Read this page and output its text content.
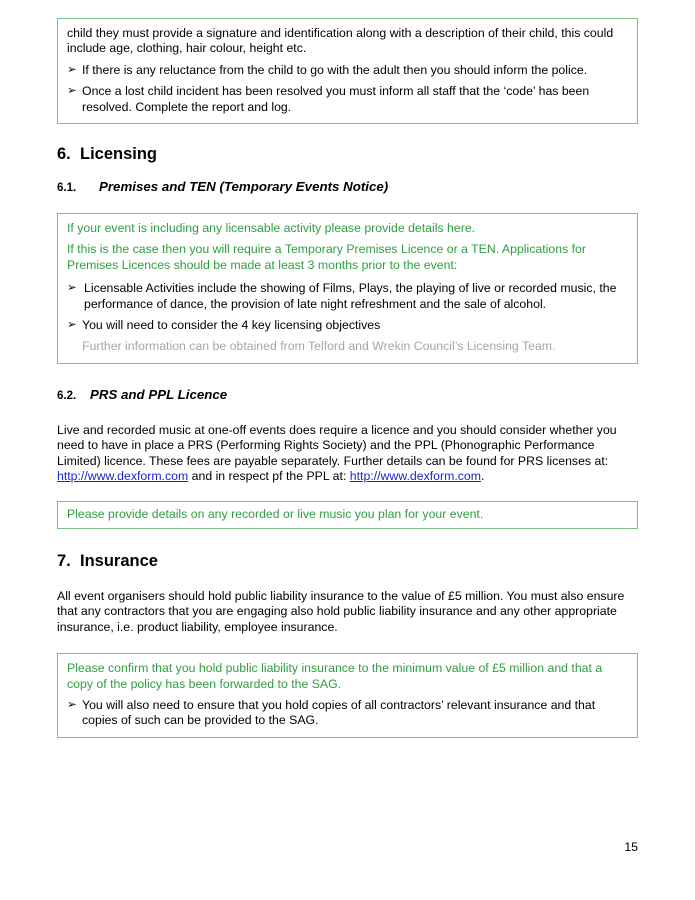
child they must provide a signature and identification along with a description of their child, this could include age, clothing, hair colour, height etc.
➢ If there is any reluctance from the child to go with the adult then you should inform the police.
➢ Once a lost child incident has been resolved you must inform all staff that the ‘code’ has been resolved. Complete the report and log.
6. Licensing
6.1.	Premises and TEN (Temporary Events Notice)

If your event is including any licensable activity please provide details here.

If this is the case then you will require a Temporary Premises Licence or a TEN. Applications for Premises Licences should be made at least 3 months prior to the event:

➢ Licensable Activities include the showing of Films, Plays, the playing of live or recorded music, the performance of dance, the provision of late night refreshment and the sale of alcohol.
➢ You will need to consider the 4 key licensing objectives
Further information can be obtained from Telford and Wrekin Council’s Licensing Team.
6.2.	PRS and PPL Licence

Live and recorded music at one-off events does require a licence and you should consider whether you need to have in place a PRS (Performing Rights Society) and the PPL (Phonographic Performance Limited) licence. These fees are payable separately. Further details can be found for PRS licenses at: http://www.dexform.com and in respect pf the PPL at: http://www.dexform.com.

Please provide details on any recorded or live music you plan for your event.

7. Insurance

All event organisers should hold public liability insurance to the value of £5 million. You must also ensure that any contractors that you are engaging also hold public liability insurance and any other appropriate insurance, i.e. product liability, employee insurance.

Please confirm that you hold public liability insurance to the minimum value of £5 million and that a copy of the policy has been forwarded to the SAG.

➢ You will also need to ensure that you hold copies of all contractors’ relevant insurance and that copies of such can be provided to the SAG.
15
